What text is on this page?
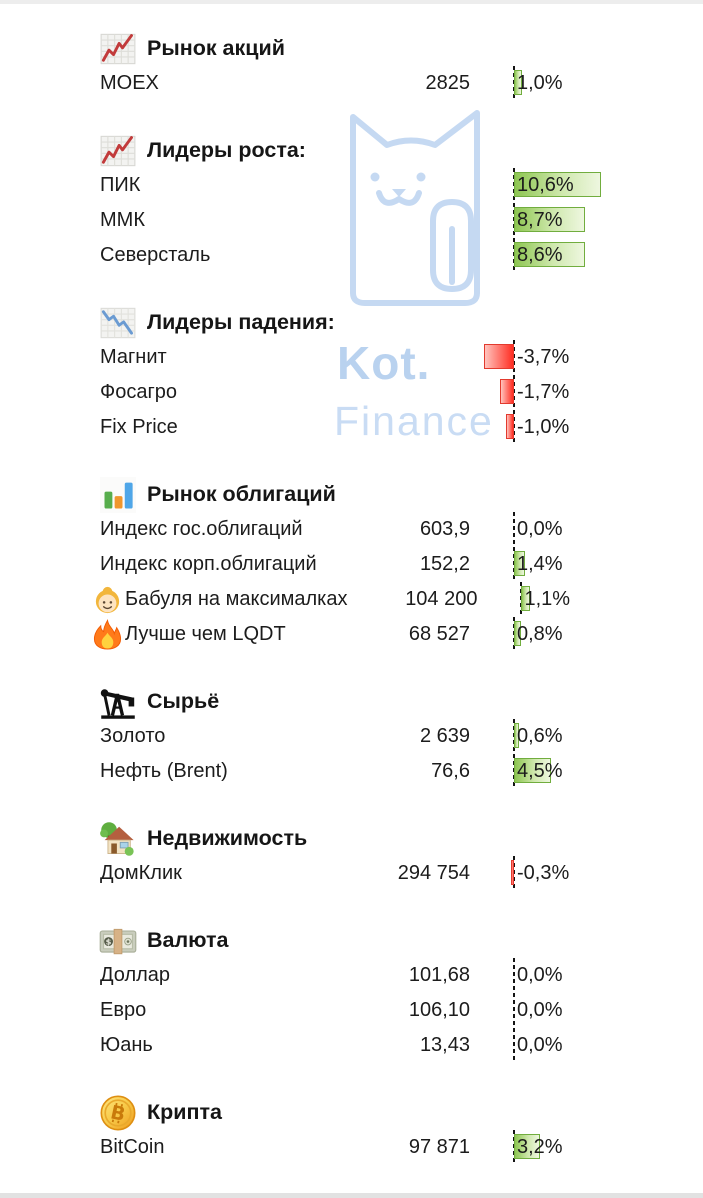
Kot.
Finance
Рынок акций
MOEX	2825 1,0%
Лидеры роста:
ПИК	10,6%
ММК	8,7%
Северсталь	8,6%
Лидеры падения:
Магнит	-3,7%
Фосагро	-1,7%
Fix Price	-1,0%
Рынок облигаций
Индекс гос.облигаций	603,9 0,0%
Индекс корп.облигаций	152,2 1,4%
Бабуля на максималках	104 200 1,1%
Лучше чем LQDT	68 527 0,8%
Сырьё
Золото	2 639 0,6%
Нефть (Brent)	76,6 4,5%
Недвижимость
ДомКлик	294 754 -0,3%
$ Валюта
Доллар	101,68 0,0%
Евро	106,10 0,0%
Юань	13,43 0,0%
B Крипта
BitCoin	97 871 3,2%
